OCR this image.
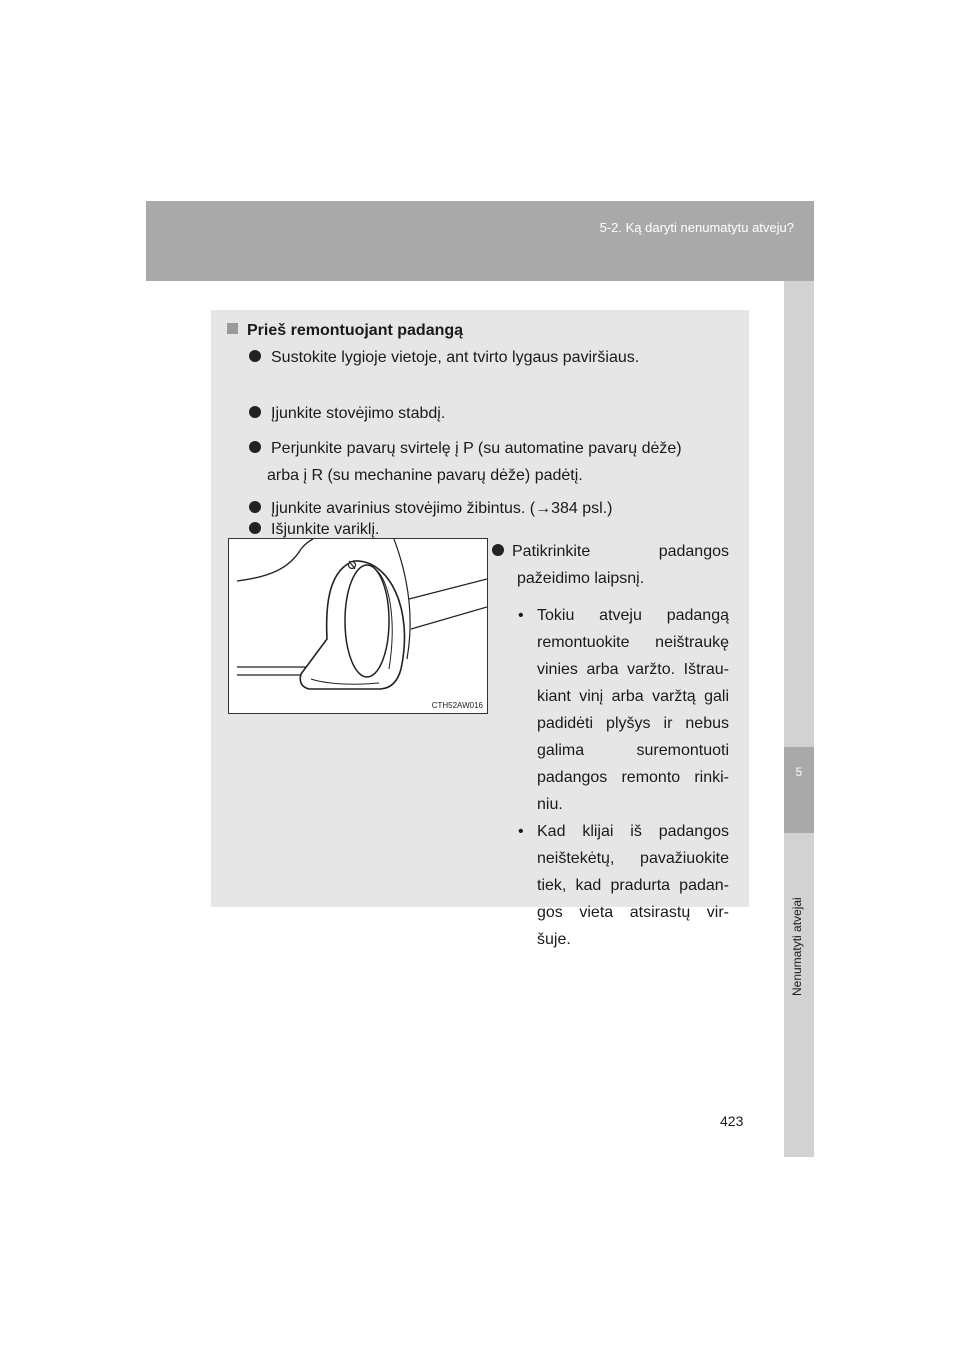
5-2. Ką daryti nenumatytu atveju?
5
Nenumatyti atvejai
Prieš remontuojant padangą
Sustokite lygioje vietoje, ant tvirto lygaus paviršiaus.
Įjunkite stovėjimo stabdį.
Perjunkite pavarų svirtelę į P (su automatine pavarų dėže)
arba į R (su mechanine pavarų dėže) padėtį.
Išjunkite variklį.
CTH52AW016
Patikrinkite padangos
pažeidimo laipsnį.
• Tokiu atveju padangą
remontuokite neištraukę
vinies arba varžto. Ištrau-
kiant vinį arba varžtą gali
padidėti plyšys ir nebus
galima suremontuoti
padangos remonto rinki-
niu.
• Kad klijai iš padangos
neištekėtų, pavažiuokite
tiek, kad pradurta padan-
gos vieta atsirastų vir-
šuje.
Įjunkite avarinius stovėjimo žibintus. (→384 psl.)
423
